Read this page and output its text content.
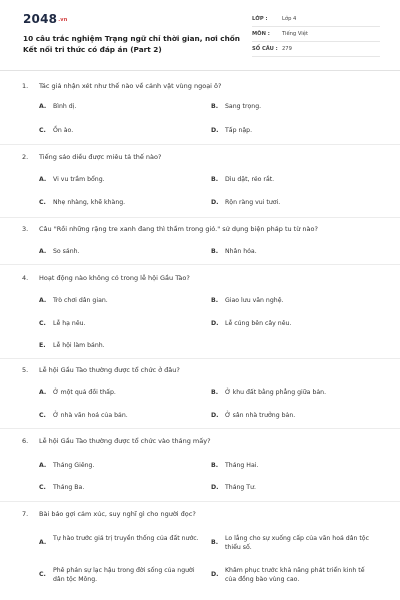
2048.vn
10 câu trắc nghiệm Trạng ngữ chỉ thời gian, nơi chốn Kết nối tri thức có đáp án (Part 2)
LỚP :	Lớp 4
MÔN :	Tiếng Việt
SỐ CÂU : 279
1. Tác giả nhận xét như thế nào về cảnh vật vùng ngoại ô?
A. Bình dị.	B. Sang trọng.
C. Ồn ào.	D. Tấp nập.
2. Tiếng sáo diều được miêu tả thế nào?
A. Vi vu trầm bổng.	B. Dìu dặt, réo rắt.
C. Nhẹ nhàng, khẽ khàng.	D. Rộn ràng vui tươi.
3. Câu "Rồi những rặng tre xanh đang thì thầm trong gió." sử dụng biện pháp tu từ nào?
A. So sánh.	B. Nhân hóa.
4. Hoạt động nào không có trong lễ hội Gầu Tào?
A. Trò chơi dân gian.	B. Giao lưu văn nghệ.
C. Lễ hạ nêu.	D. Lễ cúng bên cây nêu.
E. Lễ hội làm bánh.
5. Lễ hội Gầu Tào thường được tổ chức ở đâu?
A. Ở một quả đồi thấp.	B. Ở khu đất bằng phẳng giữa bản.
C. Ở nhà văn hoá của bản.	D. Ở sân nhà trưởng bản.
6. Lễ hội Gầu Tào thường được tổ chức vào tháng mấy?
A. Tháng Giêng.	B. Tháng Hai.
C. Tháng Ba.	D. Tháng Tư.
7. Bài báo gợi cảm xúc, suy nghĩ gì cho người đọc?
A.
Tự hào trước giá trị truyền thống của đất nước.
B.
Lo lắng cho sự xuống cấp của văn hoá dân tộc thiểu số.
C.
Phê phán sự lạc hậu trong đời sống của người dân tộc Mông.
D.
Khâm phục trước khả năng phát triển kinh tế của đồng bào vùng cao.
